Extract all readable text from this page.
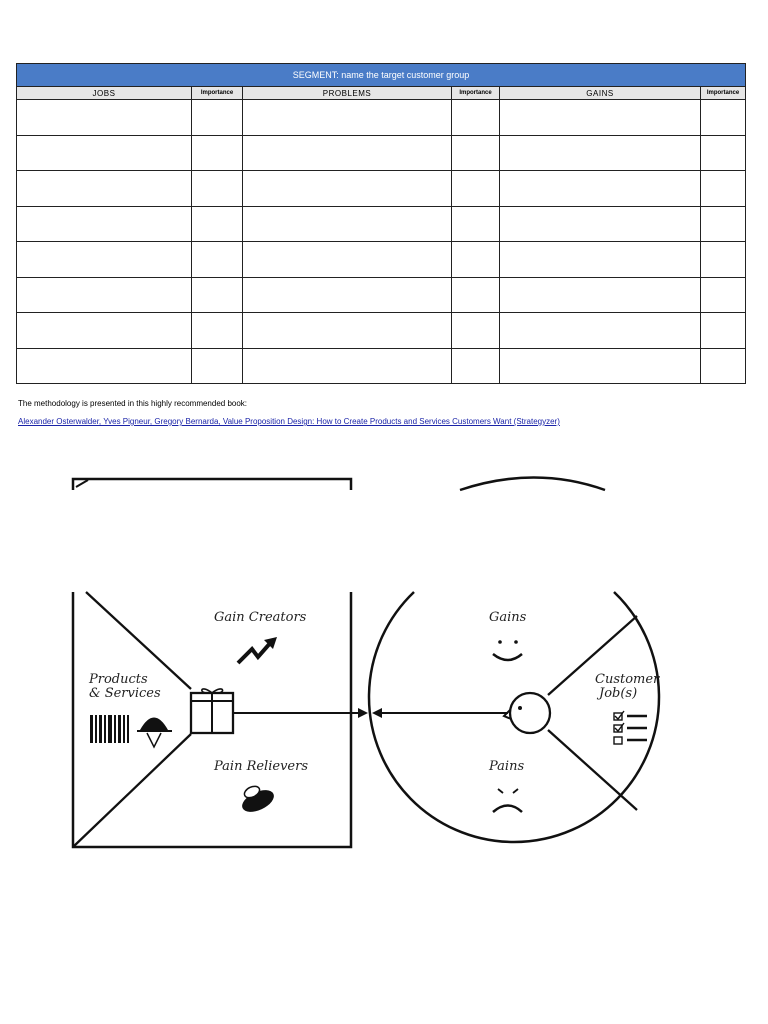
SEGMENT: name the target customer group					
JOBS	Importance	PROBLEMS	Importance	GAINS	Importance

The methodology is presented in this highly recommended book:
Alexander Osterwalder, Yves Pigneur, Gregory Bernarda, Value Proposition Design: How to Create Products and Services Customers Want (Strategyzer)
Gain Creators
Products
& Services
Pain Relievers
Gains
Customer
Job(s)
Pains
